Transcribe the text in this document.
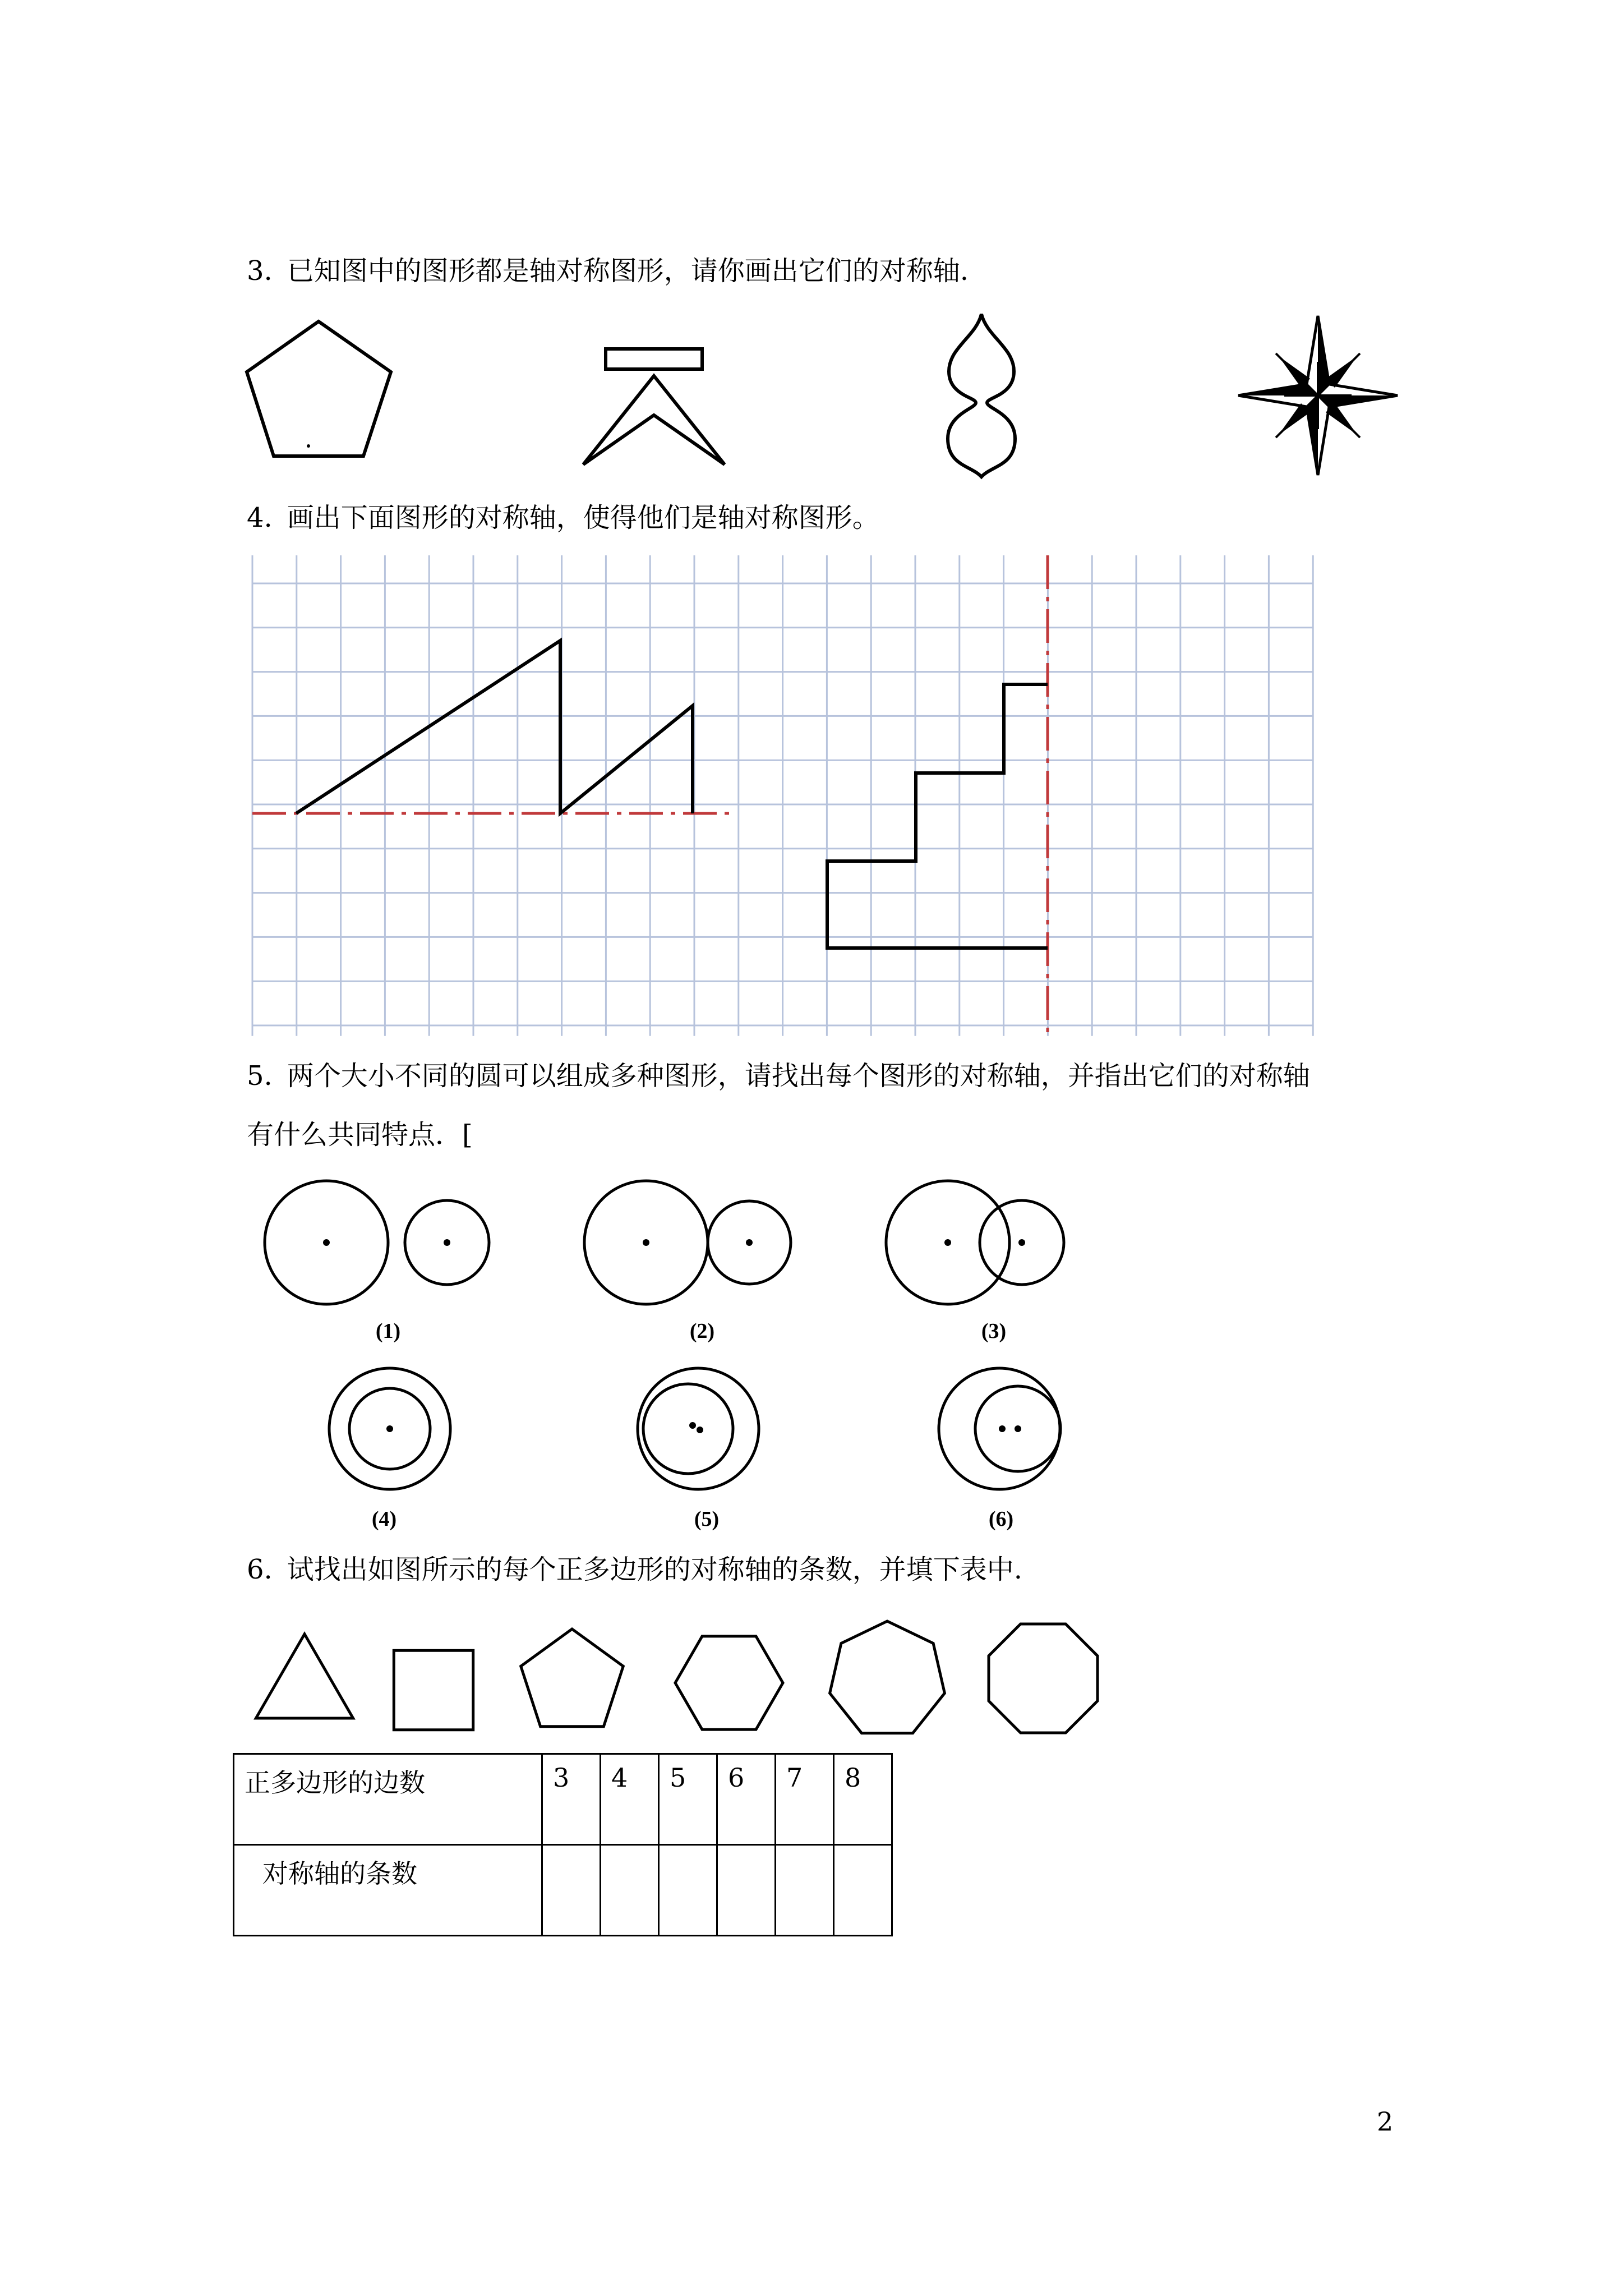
3. 已知图中的图形都是轴对称图形，请你画出它们的对称轴.
4. 画出下面图形的对称轴，使得他们是轴对称图形。
5. 两个大小不同的圆可以组成多种图形，请找出每个图形的对称轴，并指出它们的对称轴
有什么共同特点．[
(1)	(2)	(3)
(4)	(5)	(6)
6. 试找出如图所示的每个正多边形的对称轴的条数，并填下表中.
正多边形的边数	3	4	5	6	7	8
对称轴的条数						
2
